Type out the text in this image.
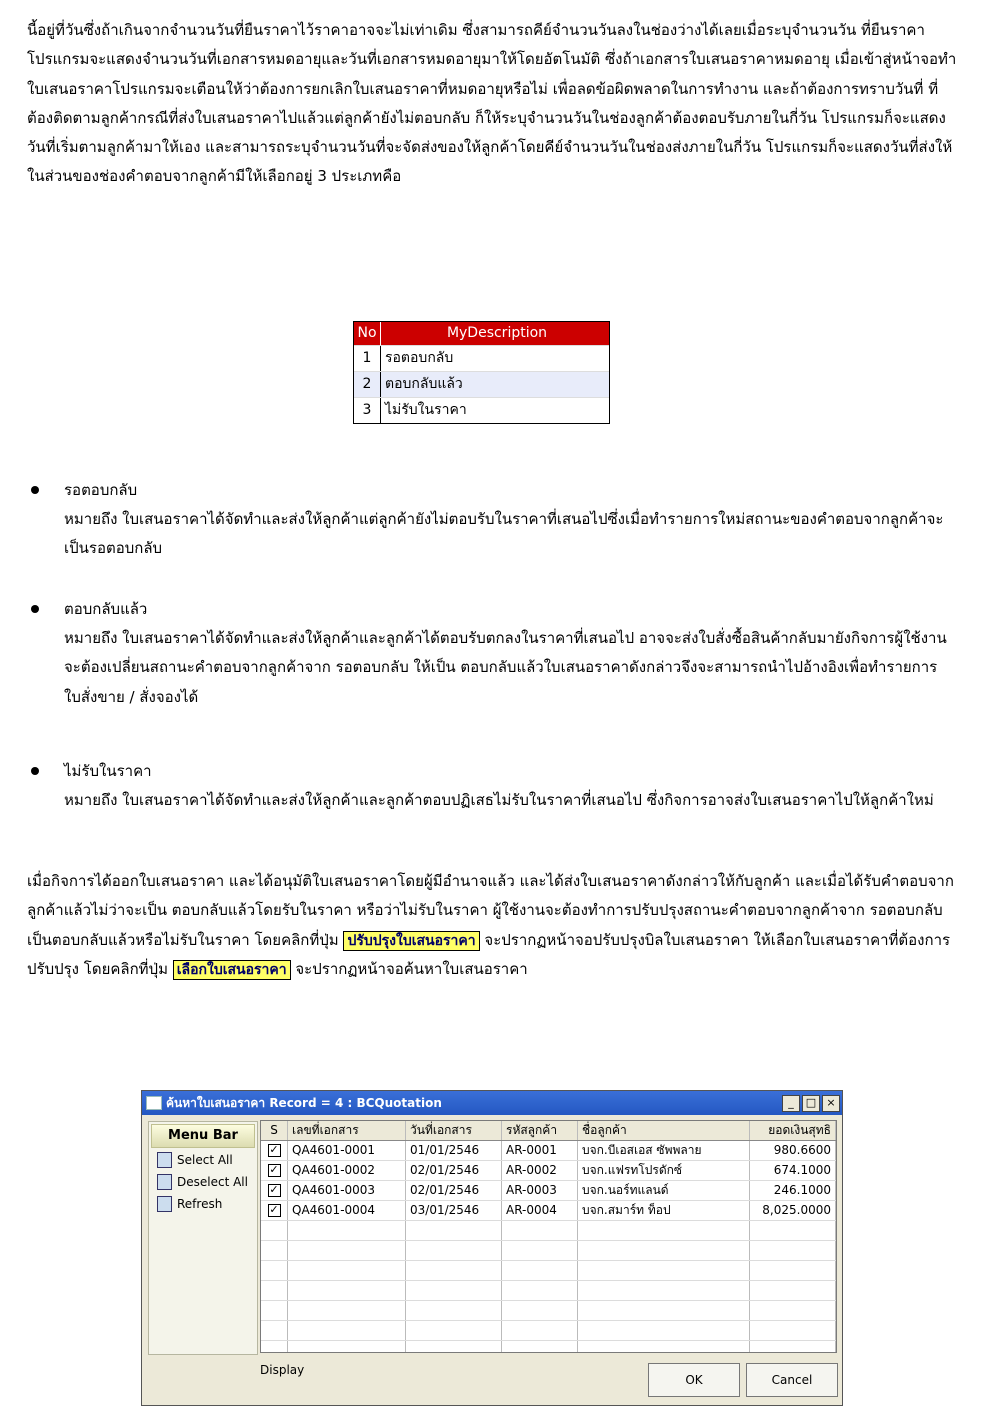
นี้อยู่ที่วันซึ่งถ้าเกินจากจำนวนวันที่ยืนราคาไว้ราคาอาจจะไม่เท่าเดิม ซึ่งสามารถคีย์จำนวนวันลงในช่องว่างได้เลยเมื่อระบุจำนวนวัน ที่ยืนราคาโปรแกรมจะแสดงจำนวนวันที่เอกสารหมดอายุและวันที่เอกสารหมดอายุมาให้โดยอัตโนมัติ ซึ่งถ้าเอกสารใบเสนอราคาหมดอายุ เมื่อเข้าสู่หน้าจอทำใบเสนอราคาโปรแกรมจะเตือนให้ว่าต้องการยกเลิกใบเสนอราคาที่หมดอายุหรือไม่ เพื่อลดข้อผิดพลาดในการทำงาน และถ้าต้องการทราบวันที่ ที่ต้องติดตามลูกค้ากรณีที่ส่งใบเสนอราคาไปแล้วแต่ลูกค้ายังไม่ตอบกลับ ก็ให้ระบุจำนวนวันในช่องลูกค้าต้องตอบรับภายในกี่วัน โปรแกรมก็จะแสดงวันที่เริ่มตามลูกค้ามาให้เอง และสามารถระบุจำนวนวันที่จะจัดส่งของให้ลูกค้าโดยคีย์จำนวนวันในช่องส่งภายในกี่วัน โปรแกรมก็จะแสดงวันที่ส่งให้ ในส่วนของช่องคำตอบจากลูกค้ามีให้เลือกอยู่ 3 ประเภทคือ

No	MyDescription
1 รอตอบกลับ
2 ตอบกลับแล้ว
3 ไม่รับในราคา
รอตอบกลับ
หมายถึง ใบเสนอราคาได้จัดทำและส่งให้ลูกค้าแต่ลูกค้ายังไม่ตอบรับในราคาที่เสนอไปซึ่งเมื่อทำรายการใหม่สถานะของคำตอบจากลูกค้าจะเป็นรอตอบกลับ
ตอบกลับแล้ว
หมายถึง ใบเสนอราคาได้จัดทำและส่งให้ลูกค้าและลูกค้าได้ตอบรับตกลงในราคาที่เสนอไป อาจจะส่งใบสั่งซื้อสินค้ากลับมายังกิจการผู้ใช้งานจะต้องเปลี่ยนสถานะคำตอบจากลูกค้าจาก รอตอบกลับ ให้เป็น ตอบกลับแล้วใบเสนอราคาดังกล่าวจึงจะสามารถนำไปอ้างอิงเพื่อทำรายการใบสั่งขาย / สั่งจองได้
ไม่รับในราคา
หมายถึง ใบเสนอราคาได้จัดทำและส่งให้ลูกค้าและลูกค้าตอบปฏิเสธไม่รับในราคาที่เสนอไป ซึ่งกิจการอาจส่งใบเสนอราคาไปให้ลูกค้าใหม่

เมื่อกิจการได้ออกใบเสนอราคา และได้อนุมัติใบเสนอราคาโดยผู้มีอำนาจแล้ว และได้ส่งใบเสนอราคาดังกล่าวให้กับลูกค้า และเมื่อได้รับคำตอบจากลูกค้าแล้วไม่ว่าจะเป็น ตอบกลับแล้วโดยรับในราคา หรือว่าไม่รับในราคา ผู้ใช้งานจะต้องทำการปรับปรุงสถานะคำตอบจากลูกค้าจาก รอตอบกลับ เป็นตอบกลับแล้วหรือไม่รับในราคา โดยคลิกที่ปุ่ม ปรับปรุงใบเสนอราคา จะปรากฏหน้าจอปรับปรุงบิลใบเสนอราคา ให้เลือกใบเสนอราคาที่ต้องการปรับปรุง โดยคลิกที่ปุ่ม เลือกใบเสนอราคา จะปรากฏหน้าจอค้นหาใบเสนอราคา

ค้นหาใบเสนอราคา Record = 4 : BCQuotation	_	□ ×
Menu Bar
Select All
Deselect All
Refresh
S	เลขที่เอกสาร	วันที่เอกสาร	รหัสลูกค้า	ชื่อลูกค้า	ยอดเงินสุทธิ
✓	QA4601-0001	01/01/2546	AR-0001	บจก.บีเอสเอส ซัพพลาย	980.6600
✓	QA4601-0002	02/01/2546	AR-0002	บจก.แฟรทโปรดักซ์	674.1000
✓	QA4601-0003	02/01/2546	AR-0003	บจก.นอร์ทแลนด์	246.1000
✓	QA4601-0004	03/01/2546	AR-0004	บจก.สมาร์ท ท็อป	8,025.0000
Display
OK	Cancel
